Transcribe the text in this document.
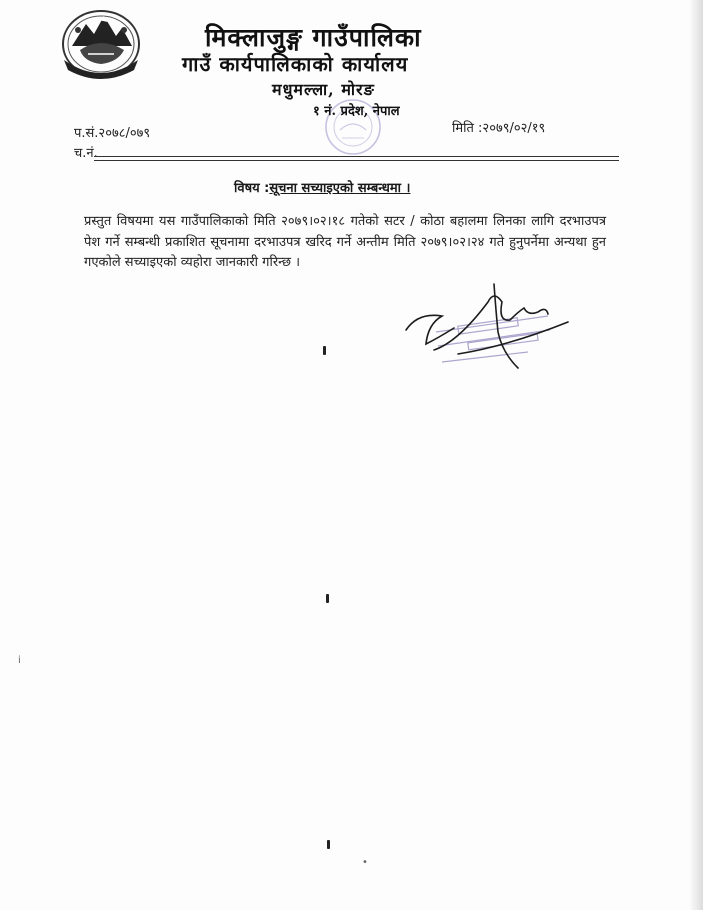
मिक्लाजुङ्ग गाउँपालिका
गाउँ कार्यपालिकाको कार्यालय
मधुमल्ला, मोरङ
१ नं. प्रदेश, नेपाल
प.सं.२०७८/०७९
च.नं.
मिति :२०७९/०२/१९
विषय :सूचना सच्याइएको सम्बन्धमा ।
प्रस्तुत विषयमा यस गाउँपालिकाको मिति २०७९।०२।१८ गतेको सटर / कोठा बहालमा लिनका लागि दरभाउपत्र पेश गर्ने सम्बन्धी प्रकाशित सूचनामा दरभाउपत्र खरिद गर्ने अन्तीम मिति २०७९।०२।२४ गते हुनुपर्नेमा अन्यथा हुन गएकोले सच्याइएको व्यहोरा जानकारी गरिन्छ ।
i
•
